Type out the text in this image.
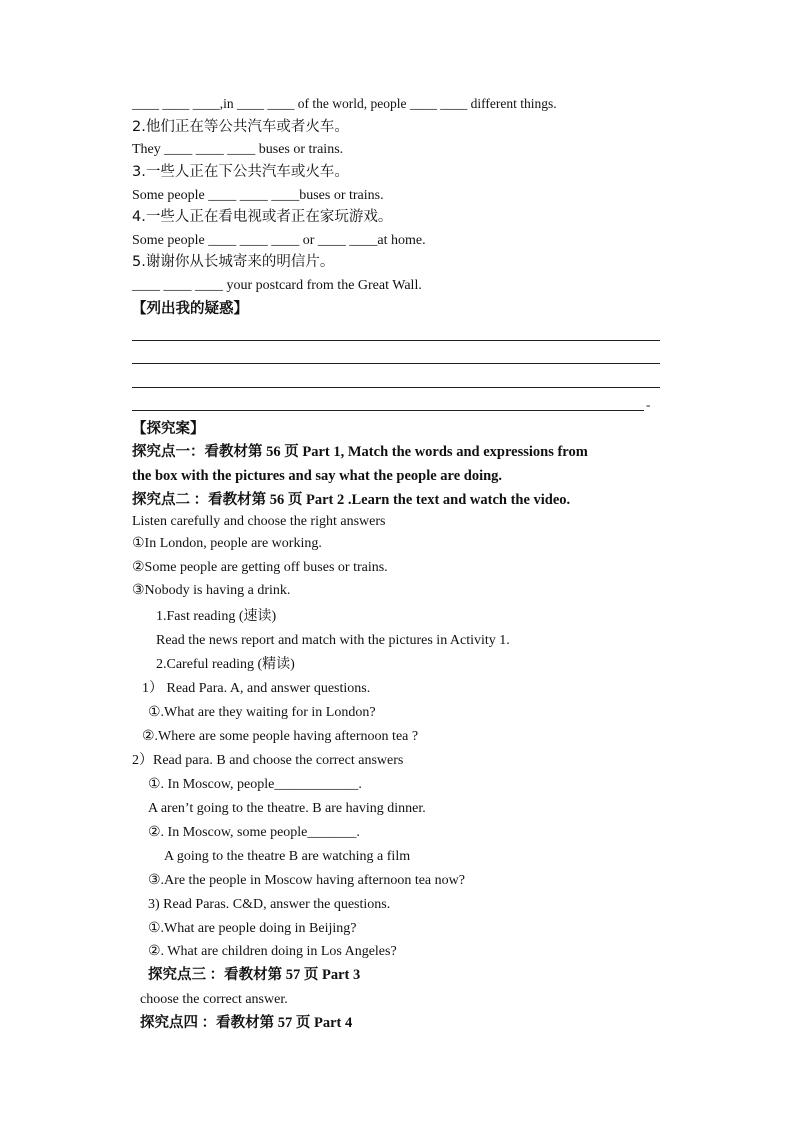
____ ____ ____,in ____ ____ of the world, people ____ ____ different things.
2.他们正在等公共汽车或者火车。
They ____ ____ ____ buses or trains.
3.一些人正在下公共汽车或火车。
Some people ____ ____ ____buses or trains.
4.一些人正在看电视或者正在家玩游戏。
Some people ____ ____ ____ or ____ ____at home.
5.谢谢你从长城寄来的明信片。
____ ____ ____ your postcard from the Great Wall.
【列出我的疑惑】
-
【探究案】
探究点一：看教材第 56 页 Part 1, Match the words and expressions from
the box with the pictures and say what the people are doing.
探究点二 ：看教材第 56 页 Part 2 .Learn the text and watch the video.
Listen carefully and choose the right answers
①In London, people are working.
②Some people are getting off buses or trains.
③Nobody is having a drink.
1.Fast reading (速读)
Read the news report and match with the pictures in Activity 1.
2.Careful reading (精读)
1） Read Para. A, and answer questions.
①.What are they waiting for in London?
②.Where are some people having afternoon tea ?
2）Read para. B and choose the correct answers
①. In Moscow, people____________.
A aren’t going to the theatre. B are having dinner.
②. In Moscow, some people_______.
A going to the theatre B are watching a film
③.Are the people in Moscow having afternoon tea now?
3) Read Paras. C&D, answer the questions.
①.What are people doing in Beijing?
②. What are children doing in Los Angeles?
探究点三 ：看教材第 57 页 Part 3
choose the correct answer.
探究点四 ：看教材第 57 页 Part 4
